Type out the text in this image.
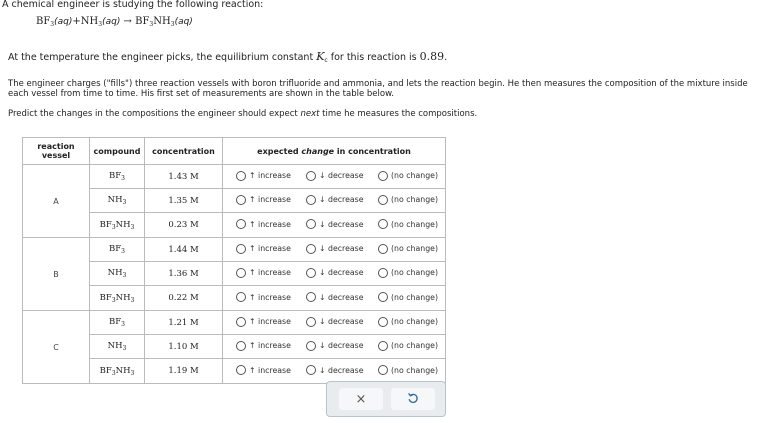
A chemical engineer is studying the following reaction:

$BF_3(aq)+NH_3(aq) \to BF_3NH_3(aq)$

At the temperature the engineer picks, the equilibrium constant $K_c$ for this reaction is 0.89.

The engineer charges ("fills") three reaction vessels with boron trifluoride and ammonia, and lets the reaction begin. He then measures the composition of the mixture inside each vessel from time to time. His first set of measurements are shown in the table below.

Predict the changes in the compositions the engineer should expect next time he measures the compositions.

reaction
vessel	compound	concentration	expected change in concentration
A	$BF_3$	1.43 M	↑ increase ↓ decrease (no change)

	$NH_3$	1.35 M	↑ increase ↓ decrease (no change)

	$BF_3NH_3$	0.23 M	↑ increase ↓ decrease (no change)

B	$BF_3$	1.44 M	↑ increase ↓ decrease (no change)

	$NH_3$	1.36 M	↑ increase ↓ decrease (no change)

	$BF_3NH_3$	0.22 M	↑ increase ↓ decrease (no change)

C	$BF_3$	1.21 M	↑ increase ↓ decrease (no change)

	$NH_3$	1.10 M	↑ increase ↓ decrease (no change)

	$BF_3NH_3$	1.19 M	↑ increase ↓ decrease (no change)
×
